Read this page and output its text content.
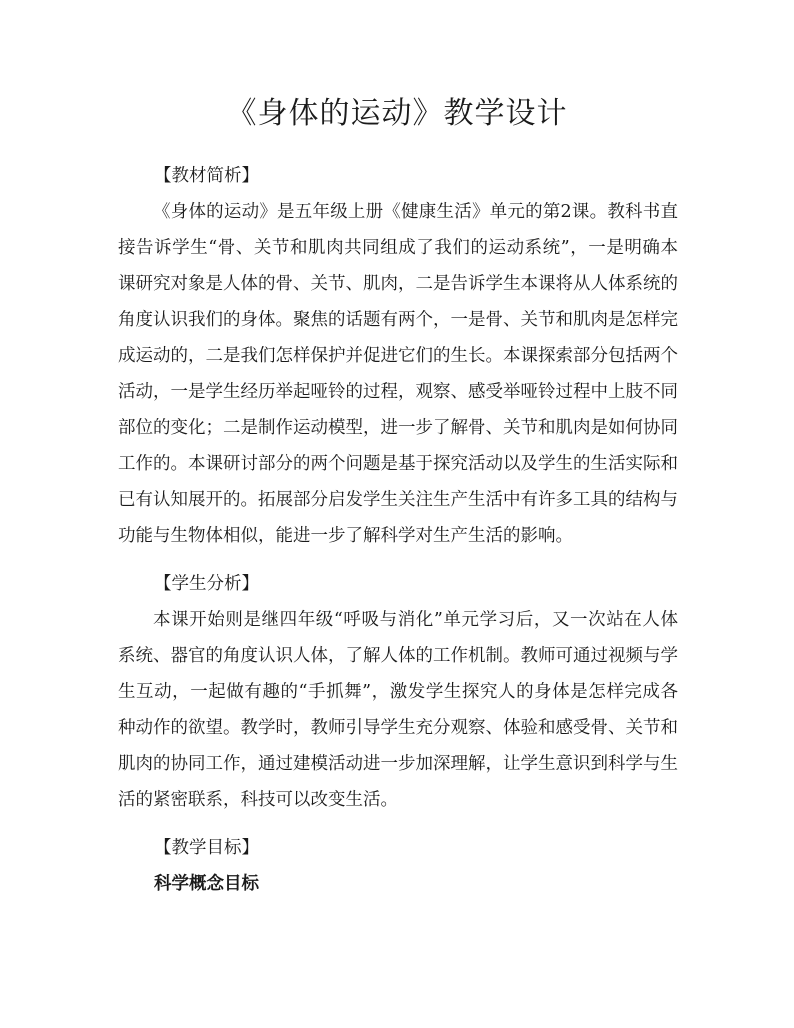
《身体的运动》教学设计

【教材简析】

《身体的运动》是五年级上册《健康生活》单元的第2课。教科书直接告诉学生“骨、关节和肌肉共同组成了我们的运动系统”，一是明确本课研究对象是人体的骨、关节、肌肉，二是告诉学生本课将从人体系统的角度认识我们的身体。聚焦的话题有两个，一是骨、关节和肌肉是怎样完成运动的，二是我们怎样保护并促进它们的生长。本课探索部分包括两个活动，一是学生经历举起哑铃的过程，观察、感受举哑铃过程中上肢不同部位的变化；二是制作运动模型，进一步了解骨、关节和肌肉是如何协同工作的。本课研讨部分的两个问题是基于探究活动以及学生的生活实际和已有认知展开的。拓展部分启发学生关注生产生活中有许多工具的结构与功能与生物体相似，能进一步了解科学对生产生活的影响。

【学生分析】

本课开始则是继四年级“呼吸与消化”单元学习后，又一次站在人体系统、器官的角度认识人体，了解人体的工作机制。教师可通过视频与学生互动，一起做有趣的“手抓舞”，激发学生探究人的身体是怎样完成各种动作的欲望。教学时，教师引导学生充分观察、体验和感受骨、关节和肌肉的协同工作，通过建模活动进一步加深理解，让学生意识到科学与生活的紧密联系，科技可以改变生活。

【教学目标】

科学概念目标
